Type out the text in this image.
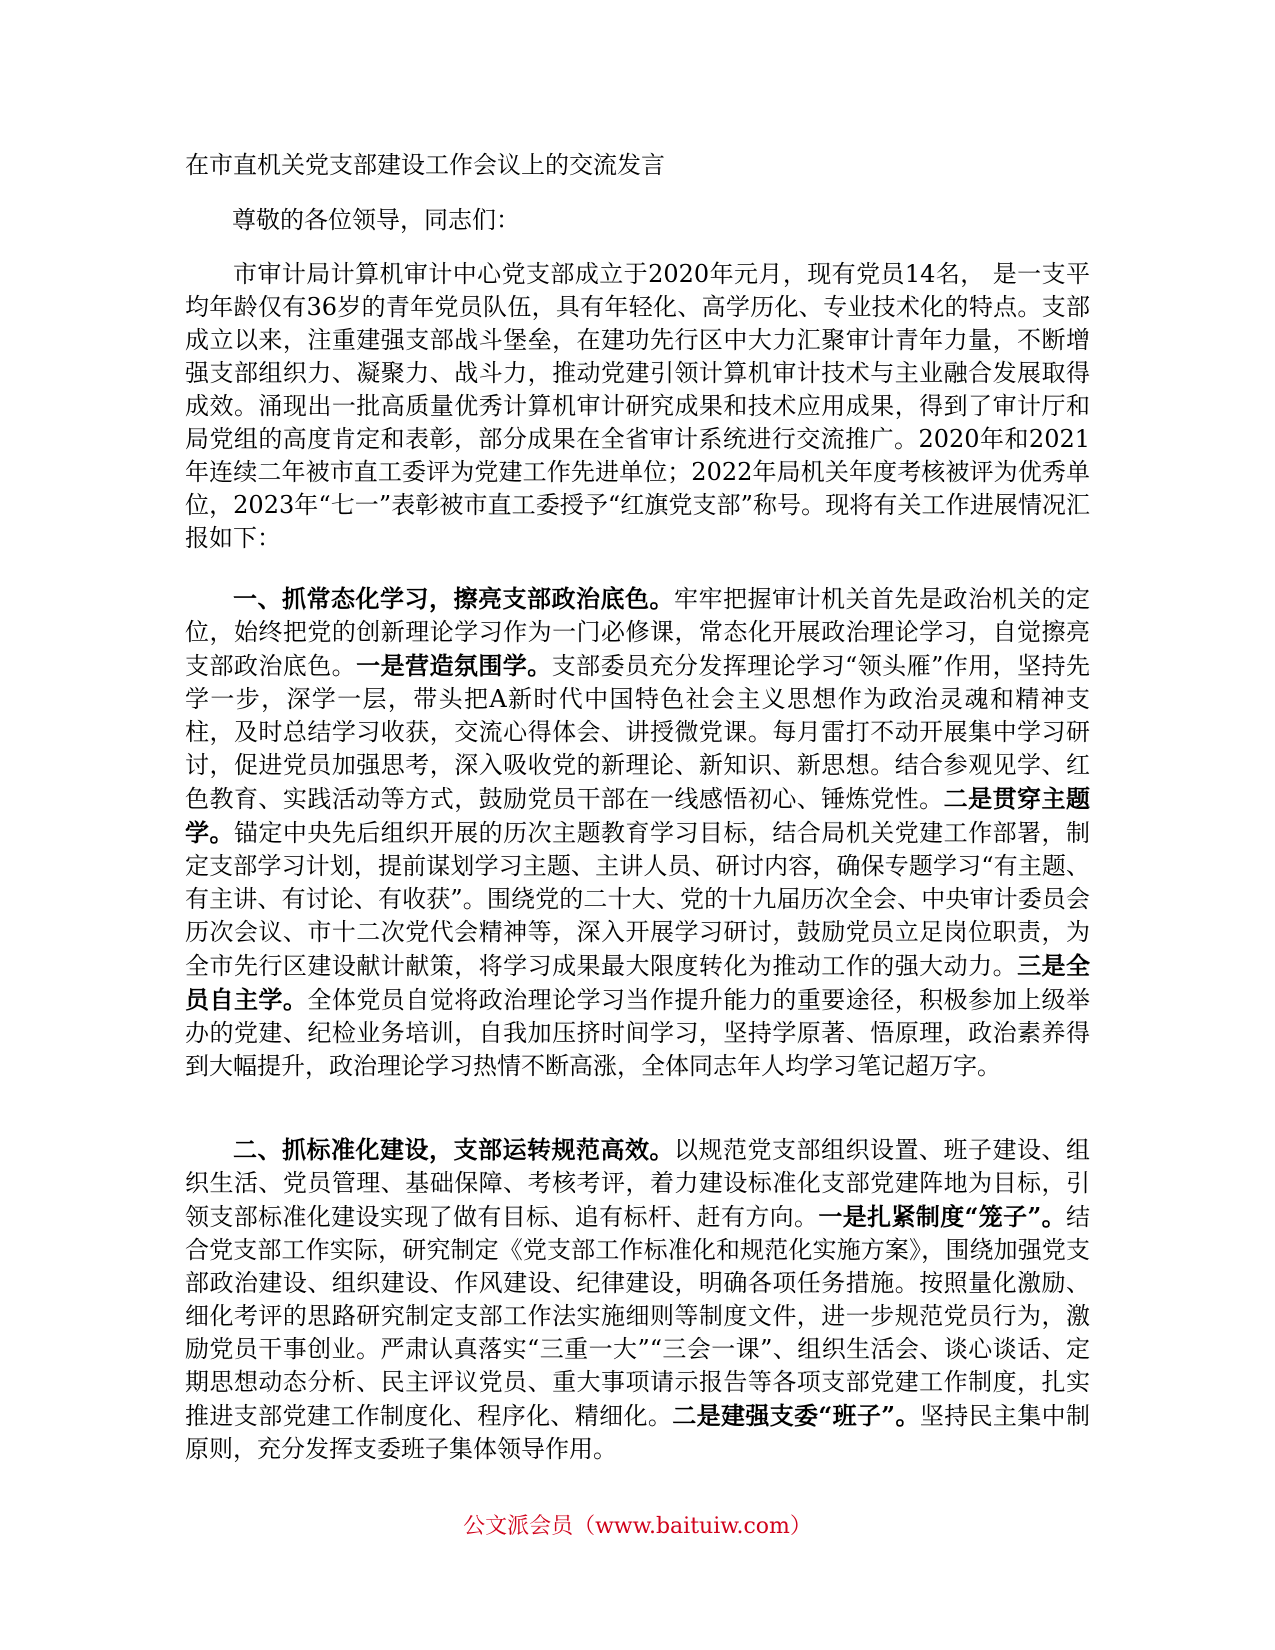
在市直机关党支部建设工作会议上的交流发言
尊敬的各位领导，同志们：

市审计局计算机审计中心党支部成立于2020年元月，现有党员14名， 是一支平均年龄仅有36岁的青年党员队伍，具有年轻化、高学历化、专业技术化的特点。支部成立以来，注重建强支部战斗堡垒，在建功先行区中大力汇聚审计青年力量，不断增强支部组织力、凝聚力、战斗力，推动党建引领计算机审计技术与主业融合发展取得成效。涌现出一批高质量优秀计算机审计研究成果和技术应用成果，得到了审计厅和局党组的高度肯定和表彰，部分成果在全省审计系统进行交流推广。2020年和2021年连续二年被市直工委评为党建工作先进单位；2022年局机关年度考核被评为优秀单位，2023年“七一”表彰被市直工委授予“红旗党支部”称号。现将有关工作进展情况汇报如下：

一、抓常态化学习，擦亮支部政治底色。牢牢把握审计机关首先是政治机关的定位，始终把党的创新理论学习作为一门必修课，常态化开展政治理论学习，自觉擦亮支部政治底色。一是营造氛围学。支部委员充分发挥理论学习“领头雁”作用，坚持先学一步，深学一层，带头把A新时代中国特色社会主义思想作为政治灵魂和精神支柱，及时总结学习收获，交流心得体会、讲授微党课。每月雷打不动开展集中学习研讨，促进党员加强思考，深入吸收党的新理论、新知识、新思想。结合参观见学、红色教育、实践活动等方式，鼓励党员干部在一线感悟初心、锤炼党性。二是贯穿主题学。锚定中央先后组织开展的历次主题教育学习目标，结合局机关党建工作部署，制定支部学习计划，提前谋划学习主题、主讲人员、研讨内容，确保专题学习“有主题、有主讲、有讨论、有收获”。围绕党的二十大、党的十九届历次全会、中央审计委员会历次会议、市十二次党代会精神等，深入开展学习研讨，鼓励党员立足岗位职责，为全市先行区建设献计献策，将学习成果最大限度转化为推动工作的强大动力。三是全员自主学。全体党员自觉将政治理论学习当作提升能力的重要途径，积极参加上级举办的党建、纪检业务培训，自我加压挤时间学习，坚持学原著、悟原理，政治素养得到大幅提升，政治理论学习热情不断高涨，全体同志年人均学习笔记超万字。

二、抓标准化建设，支部运转规范高效。以规范党支部组织设置、班子建设、组织生活、党员管理、基础保障、考核考评，着力建设标准化支部党建阵地为目标，引领支部标准化建设实现了做有目标、追有标杆、赶有方向。一是扎紧制度“笼子”。结合党支部工作实际，研究制定《党支部工作标准化和规范化实施方案》，围绕加强党支部政治建设、组织建设、作风建设、纪律建设，明确各项任务措施。按照量化激励、细化考评的思路研究制定支部工作法实施细则等制度文件，进一步规范党员行为，激励党员干事创业。严肃认真落实“三重一大”“三会一课”、组织生活会、谈心谈话、定期思想动态分析、民主评议党员、重大事项请示报告等各项支部党建工作制度，扎实推进支部党建工作制度化、程序化、精细化。二是建强支委“班子”。坚持民主集中制原则，充分发挥支委班子集体领导作用。

公文派会员（www.baituiw.com）
